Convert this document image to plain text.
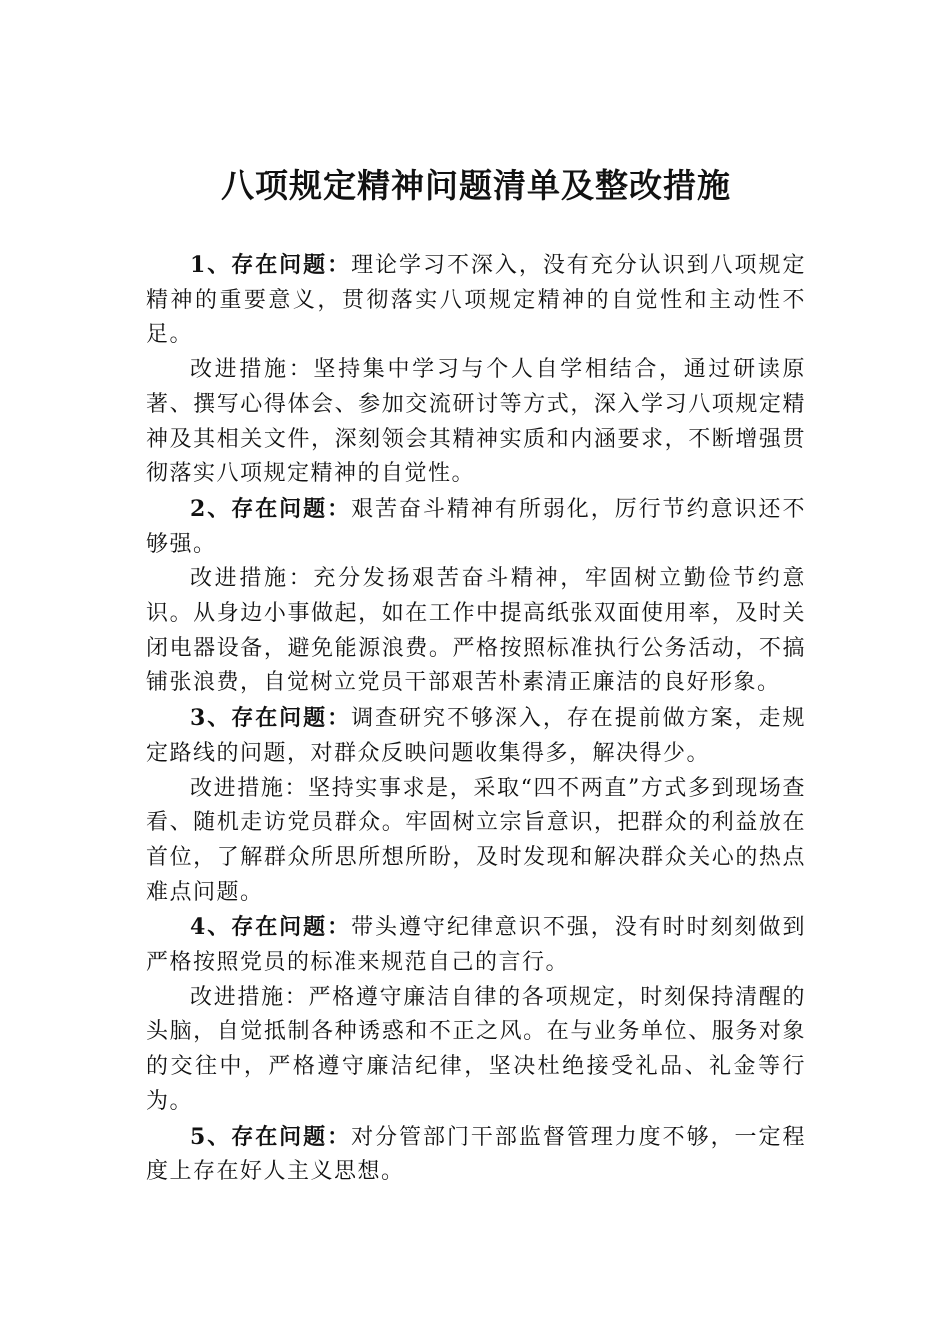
八项规定精神问题清单及整改措施

1、存在问题：理论学习不深入，没有充分认识到八项规定精神的重要意义，贯彻落实八项规定精神的自觉性和主动性不足。

改进措施：坚持集中学习与个人自学相结合，通过研读原著、撰写心得体会、参加交流研讨等方式，深入学习八项规定精神及其相关文件，深刻领会其精神实质和内涵要求，不断增强贯彻落实八项规定精神的自觉性。

2、存在问题：艰苦奋斗精神有所弱化，厉行节约意识还不够强。

改进措施：充分发扬艰苦奋斗精神，牢固树立勤俭节约意识。从身边小事做起，如在工作中提高纸张双面使用率，及时关闭电器设备，避免能源浪费。严格按照标准执行公务活动，不搞铺张浪费，自觉树立党员干部艰苦朴素清正廉洁的良好形象。

3、存在问题：调查研究不够深入，存在提前做方案，走规定路线的问题，对群众反映问题收集得多，解决得少。

改进措施：坚持实事求是，采取“四不两直”方式多到现场查看、随机走访党员群众。牢固树立宗旨意识，把群众的利益放在首位，了解群众所思所想所盼，及时发现和解决群众关心的热点难点问题。

4、存在问题：带头遵守纪律意识不强，没有时时刻刻做到严格按照党员的标准来规范自己的言行。

改进措施：严格遵守廉洁自律的各项规定，时刻保持清醒的头脑，自觉抵制各种诱惑和不正之风。在与业务单位、服务对象的交往中，严格遵守廉洁纪律，坚决杜绝接受礼品、礼金等行为。

5、存在问题：对分管部门干部监督管理力度不够，一定程度上存在好人主义思想。
